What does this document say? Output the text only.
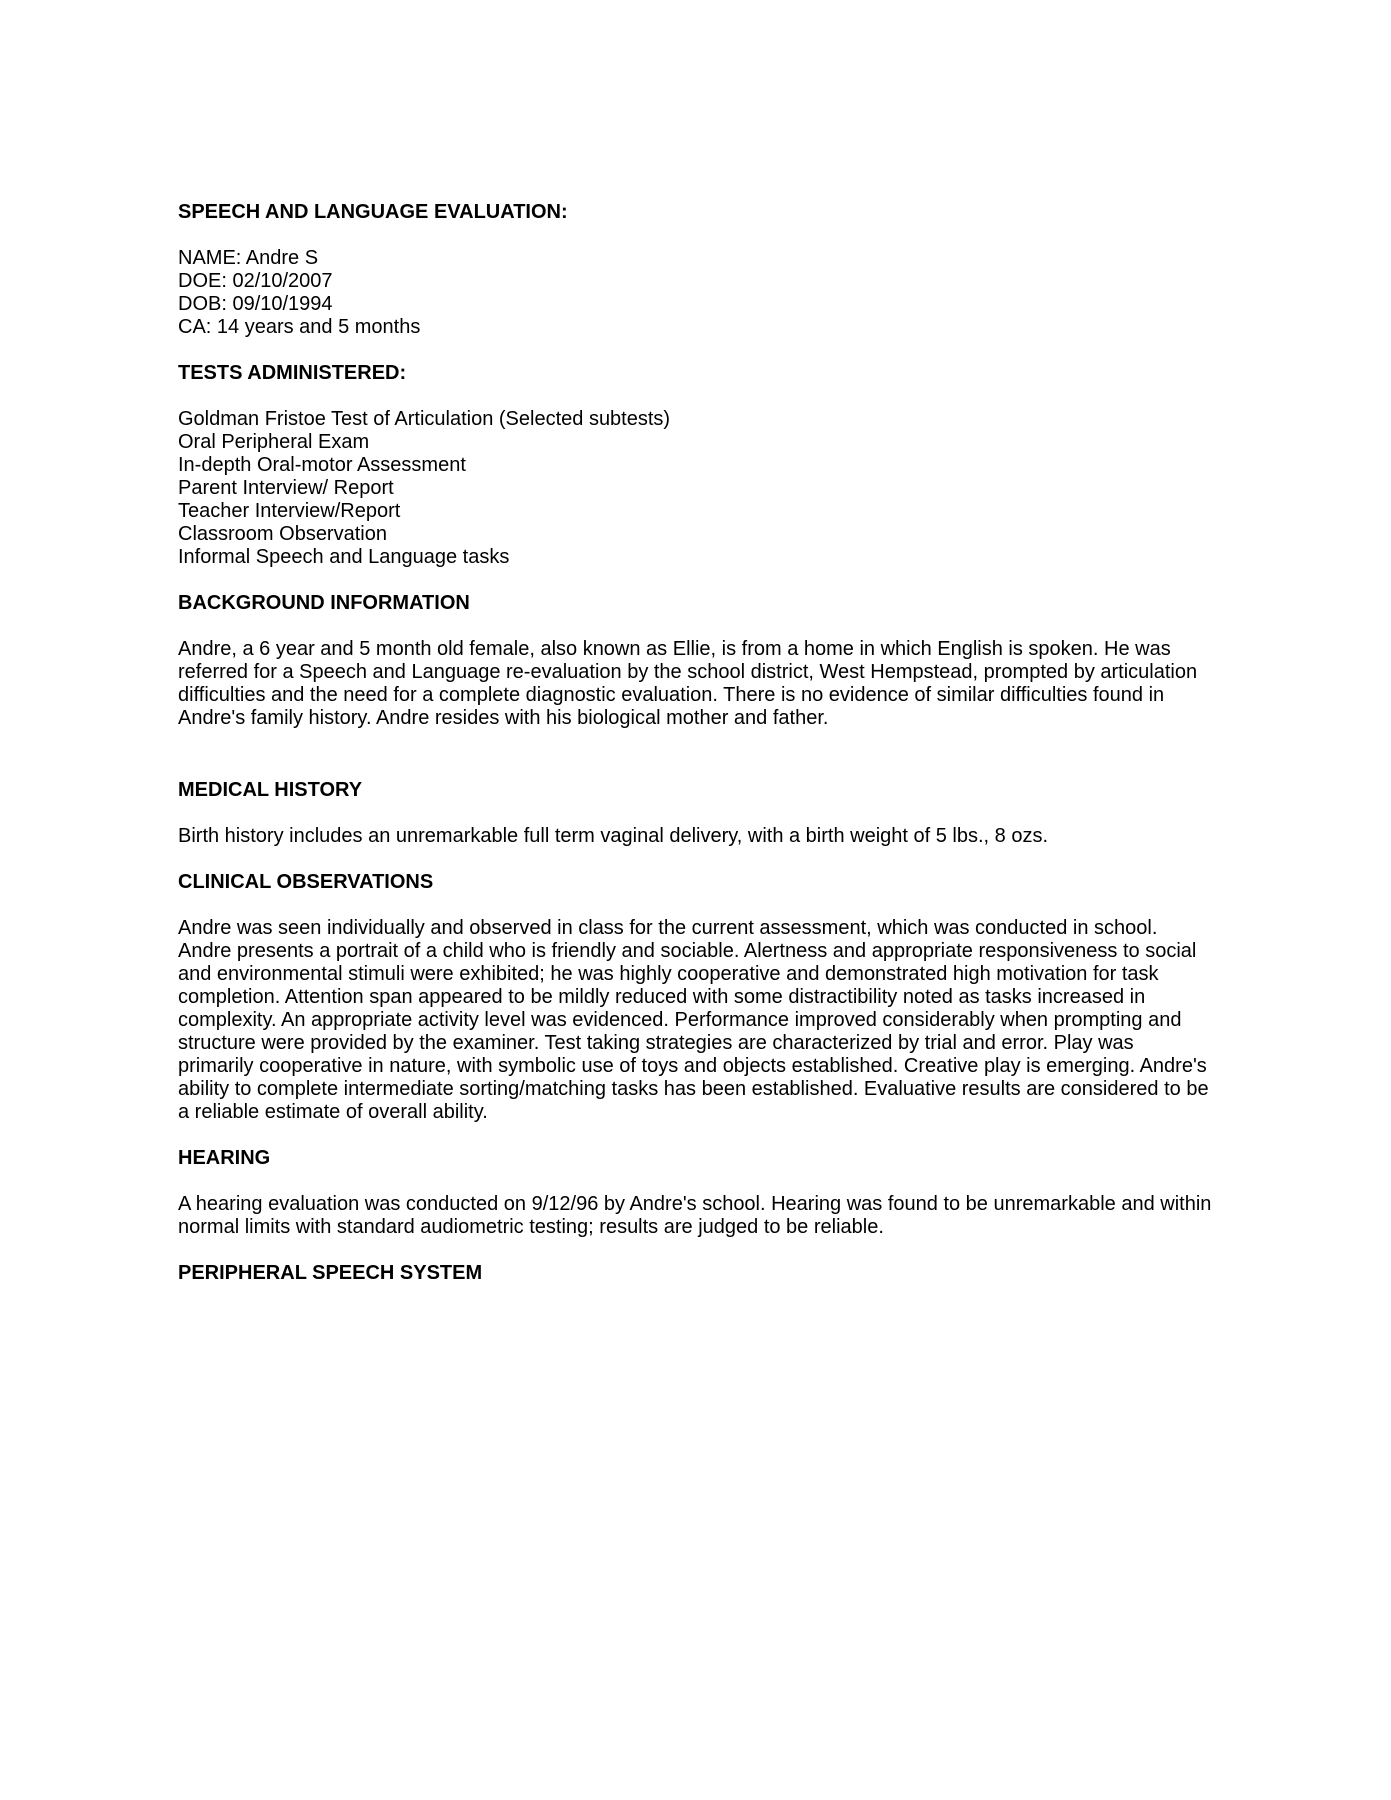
SPEECH AND LANGUAGE EVALUATION:

NAME: Andre S

DOE: 02/10/2007

DOB: 09/10/1994

CA: 14 years and 5 months

TESTS ADMINISTERED:

Goldman Fristoe Test of Articulation (Selected subtests)

Oral Peripheral Exam

In-depth Oral-motor Assessment

Parent Interview/ Report

Teacher Interview/Report

Classroom Observation

Informal Speech and Language tasks

BACKGROUND INFORMATION

Andre, a 6 year and 5 month old female, also known as Ellie, is from a home in which English is spoken. He was referred for a Speech and Language re-evaluation by the school district, West Hempstead, prompted by articulation difficulties and the need for a complete diagnostic evaluation. There is no evidence of similar difficulties found in Andre's family history. Andre resides with his biological mother and father.

MEDICAL HISTORY

Birth history includes an unremarkable full term vaginal delivery, with a birth weight of 5 lbs., 8 ozs.

CLINICAL OBSERVATIONS

Andre was seen individually and observed in class for the current assessment, which was conducted in school. Andre presents a portrait of a child who is friendly and sociable. Alertness and appropriate responsiveness to social and environmental stimuli were exhibited; he was highly cooperative and demonstrated high motivation for task completion. Attention span appeared to be mildly reduced with some distractibility noted as tasks increased in complexity. An appropriate activity level was evidenced. Performance improved considerably when prompting and structure were provided by the examiner. Test taking strategies are characterized by trial and error. Play was primarily cooperative in nature, with symbolic use of toys and objects established. Creative play is emerging. Andre's ability to complete intermediate sorting/matching tasks has been established. Evaluative results are considered to be a reliable estimate of overall ability.

HEARING

A hearing evaluation was conducted on 9/12/96 by Andre's school. Hearing was found to be unremarkable and within normal limits with standard audiometric testing; results are judged to be reliable.

PERIPHERAL SPEECH SYSTEM
